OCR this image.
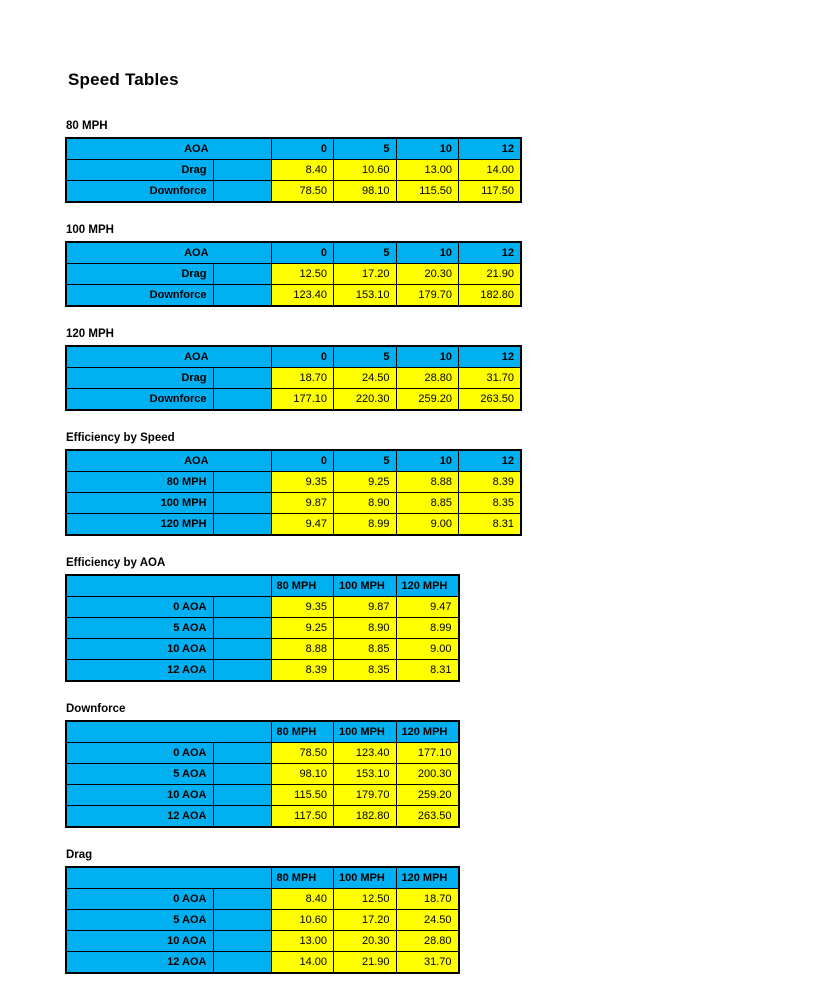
Speed Tables
80 MPH
AOA		0	5	10	12
Drag		8.40	10.60	13.00	14.00
Downforce		78.50	98.10	115.50	117.50
100 MPH
AOA		0	5	10	12
Drag		12.50	17.20	20.30	21.90
Downforce		123.40	153.10	179.70	182.80
120 MPH
AOA		0	5	10	12
Drag		18.70	24.50	28.80	31.70
Downforce		177.10	220.30	259.20	263.50
Efficiency by Speed
AOA		0	5	10	12
80 MPH		9.35	9.25	8.88	8.39
100 MPH		9.87	8.90	8.85	8.35
120 MPH		9.47	8.99	9.00	8.31
Efficiency by AOA
		80 MPH	100 MPH	120 MPH
0 AOA		9.35	9.87	9.47
5 AOA		9.25	8.90	8.99
10 AOA		8.88	8.85	9.00
12 AOA		8.39	8.35	8.31
Downforce
		80 MPH	100 MPH	120 MPH
0 AOA		78.50	123.40	177.10
5 AOA		98.10	153.10	200.30
10 AOA		115.50	179.70	259.20
12 AOA		117.50	182.80	263.50
Drag
		80 MPH	100 MPH	120 MPH
0 AOA		8.40	12.50	18.70
5 AOA		10.60	17.20	24.50
10 AOA		13.00	20.30	28.80
12 AOA		14.00	21.90	31.70
